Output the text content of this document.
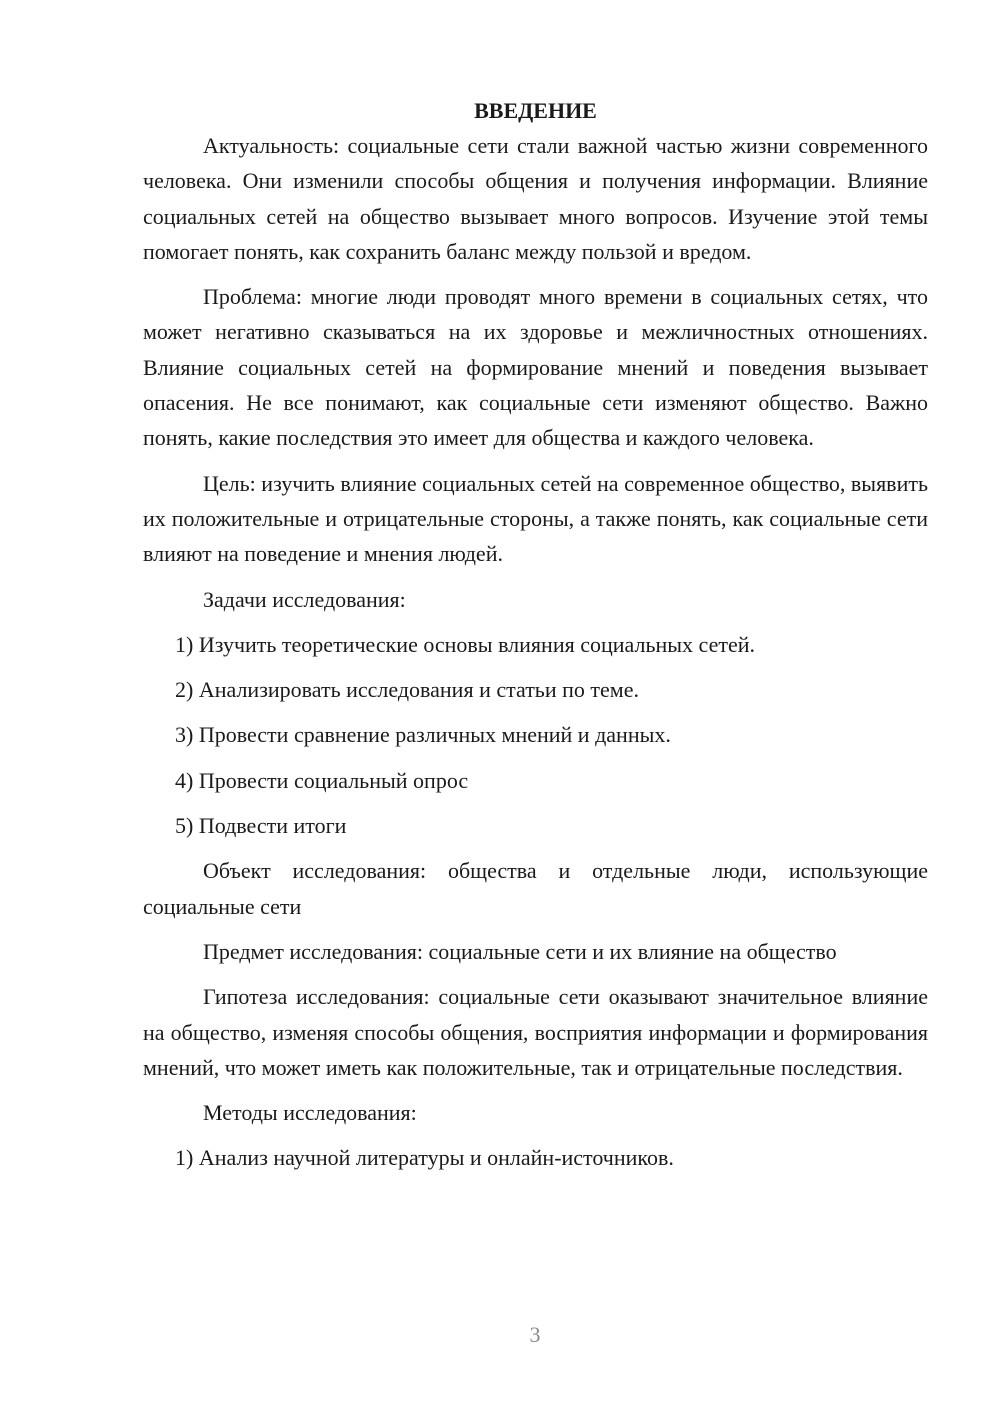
ВВЕДЕНИЕ

Актуальность: социальные сети стали важной частью жизни современного человека. Они изменили способы общения и получения информации. Влияние социальных сетей на общество вызывает много вопросов. Изучение этой темы помогает понять, как сохранить баланс между пользой и вредом.

Проблема: многие люди проводят много времени в социальных сетях, что может негативно сказываться на их здоровье и межличностных отношениях. Влияние социальных сетей на формирование мнений и поведения вызывает опасения. Не все понимают, как социальные сети изменяют общество. Важно понять, какие последствия это имеет для общества и каждого человека.

Цель: изучить влияние социальных сетей на современное общество, выявить их положительные и отрицательные стороны, а также понять, как социальные сети влияют на поведение и мнения людей.

Задачи исследования:

1) Изучить теоретические основы влияния социальных сетей.
2) Анализировать исследования и статьи по теме.
3) Провести сравнение различных мнений и данных.
4) Провести социальный опрос
5) Подвести итоги

Объект исследования: общества и отдельные люди, использующие социальные сети

Предмет исследования: социальные сети и их влияние на общество

Гипотеза исследования: социальные сети оказывают значительное влияние на общество, изменяя способы общения, восприятия информации и формирования мнений, что может иметь как положительные, так и отрицательные последствия.

Методы исследования:

1) Анализ научной литературы и онлайн-источников.
3
